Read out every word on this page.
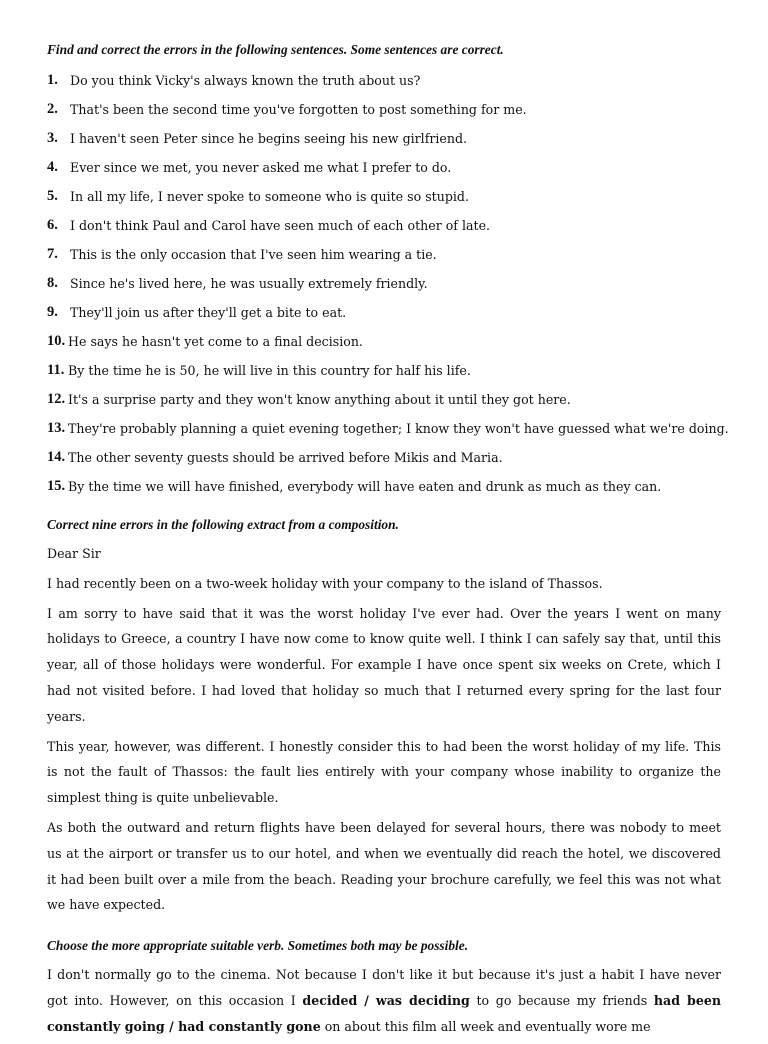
Find and correct the errors in the following sentences. Some sentences are correct.

1. Do you think Vicky's always known the truth about us?
2. That's been the second time you've forgotten to post something for me.
3. I haven't seen Peter since he begins seeing his new girlfriend.
4. Ever since we met, you never asked me what I prefer to do.
5. In all my life, I never spoke to someone who is quite so stupid.
6. I don't think Paul and Carol have seen much of each other of late.
7. This is the only occasion that I've seen him wearing a tie.
8. Since he's lived here, he was usually extremely friendly.
9. They'll join us after they'll get a bite to eat.
10. He says he hasn't yet come to a final decision.
11. By the time he is 50, he will live in this country for half his life.
12. It's a surprise party and they won't know anything about it until they got here.
13. They're probably planning a quiet evening together; I know they won't have guessed what we're doing.
14. The other seventy guests should be arrived before Mikis and Maria.
15. By the time we will have finished, everybody will have eaten and drunk as much as they can.

Correct nine errors in the following extract from a composition.

Dear Sir

I had recently been on a two-week holiday with your company to the island of Thassos.

I am sorry to have said that it was the worst holiday I've ever had. Over the years I went on many holidays to Greece, a country I have now come to know quite well. I think I can safely say that, until this year, all of those holidays were wonderful. For example I have once spent six weeks on Crete, which I had not visited before. I had loved that holiday so much that I returned every spring for the last four years.

This year, however, was different. I honestly consider this to had been the worst holiday of my life. This is not the fault of Thassos: the fault lies entirely with your company whose inability to organize the simplest thing is quite unbelievable.

As both the outward and return flights have been delayed for several hours, there was nobody to meet us at the airport or transfer us to our hotel, and when we eventually did reach the hotel, we discovered it had been built over a mile from the beach. Reading your brochure carefully, we feel this was not what we have expected.

Choose the more appropriate suitable verb. Sometimes both may be possible.

I don't normally go to the cinema. Not because I don't like it but because it's just a habit I have never got into. However, on this occasion I decided / was deciding to go because my friends had been constantly going / had constantly gone on about this film all week and eventually wore me
